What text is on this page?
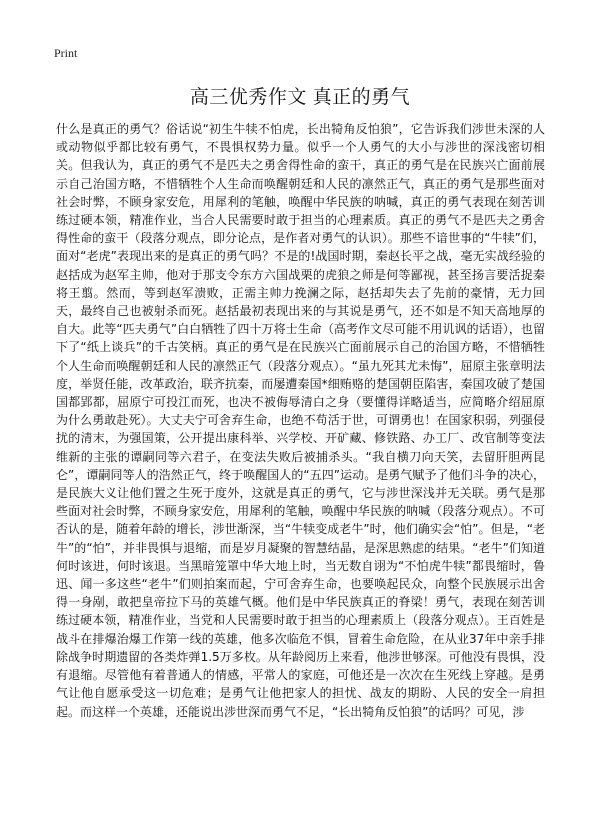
Print
高三优秀作文 真正的勇气
什么是真正的勇气？俗话说“初生牛犊不怕虎，长出犄角反怕狼”，它告诉我们涉世未深的人或动物似乎都比较有勇气，不畏惧权势力量。似乎一个人勇气的大小与涉世的深浅密切相关。但我认为，真正的勇气不是匹夫之勇舍得性命的蛮干，真正的勇气是在民族兴亡面前展示自己治国方略，不惜牺牲个人生命而唤醒朝廷和人民的凛然正气，真正的勇气是那些面对社会时弊，不顾身家安危，用犀利的笔触，唤醒中华民族的呐喊，真正的勇气表现在刻苦训练过硬本领，精准作业，当合人民需要时敢于担当的心理素质。真正的勇气不是匹夫之勇舍得性命的蛮干（段落分观点，即分论点，是作者对勇气的认识）。那些不谙世事的“牛犊”们，面对“老虎”表现出来的是真正的勇气吗？不是的!战国时期，秦赵长平之战，毫无实战经验的赵括成为赵军主帅，他对于那支令东方六国战栗的虎狼之师是何等鄙视，甚至扬言要活捉秦将王翦。然而，等到赵军溃败，正需主帅力挽澜之际，赵括却失去了先前的豪情，无力回天，最终自己也被射杀而死。赵括最初表现出来的与其说是勇气，还不如是不知天高地厚的自大。此等“匹夫勇气”白白牺牲了四十万将士生命（高考作文尽可能不用讥讽的话语），也留下了“纸上谈兵”的千古笑柄。真正的勇气是在民族兴亡面前展示自己的治国方略，不惜牺牲个人生命而唤醒朝廷和人民的凛然正气（段落分观点）。“虽九死其尤未悔”，屈原主张章明法度，举贤任能，改革政治，联齐抗秦，而屡遭秦国*细贿赂的楚国朝臣陷害，秦国攻破了楚国国都郢都，屈原宁可投江而死，也决不被侮辱清白之身（要懂得详略适当，应简略介绍屈原为什么勇敢赴死）。大丈夫宁可舍弃生命，也绝不苟活于世，可谓勇也！在国家积弱，列强侵扰的清末，为强国策，公开提出康科举、兴学校、开矿藏、修铁路、办工厂、改官制等变法维新的主张的谭嗣同等六君子，在变法失败后被捕杀头。“我自横刀向天笑，去留肝胆两昆仑”，谭嗣同等人的浩然正气，终于唤醒国人的“五四”运动。是勇气赋予了他们斗争的决心，是民族大义让他们置之生死于度外，这就是真正的勇气，它与涉世深浅并无关联。勇气是那些面对社会时弊，不顾身家安危，用犀利的笔触，唤醒中华民族的呐喊（段落分观点）。不可否认的是，随着年龄的增长，涉世渐深，当“牛犊变成老牛”时，他们确实会“怕”。但是，“老牛”的“怕”，并非畏惧与退缩，而是岁月凝聚的智慧结晶，是深思熟虑的结果。“老牛”们知道何时该进，何时该退。当黑暗笼罩中华大地上时，当无数自诩为“不怕虎牛犊”都畏缩时，鲁迅、闻一多这些“老牛”们则拍案而起，宁可舍弃生命，也要唤起民众，向整个民族展示出舍得一身剐，敢把皇帝拉下马的英雄气概。他们是中华民族真正的脊梁！勇气，表现在刻苦训练过硬本领，精准作业，当党和人民需要时敢于担当的心理素质上（段落分观点）。王百姓是战斗在排爆治爆工作第一线的英雄，他多次临危不惧，冒着生命危险，在从业37年中亲手排除战争时期遗留的各类炸弹1.5万多枚。从年龄阅历上来看，他涉世够深。可他没有畏惧，没有退缩。尽管他有着普通人的情感，平常人的家庭，可他还是一次次在生死线上穿越。是勇气让他自愿承受这一切危难；是勇气让他把家人的担忧、战友的期盼、人民的安全一肩担起。而这样一个英雄，还能说出涉世深而勇气不足，“长出犄角反怕狼”的话吗？可见，涉
